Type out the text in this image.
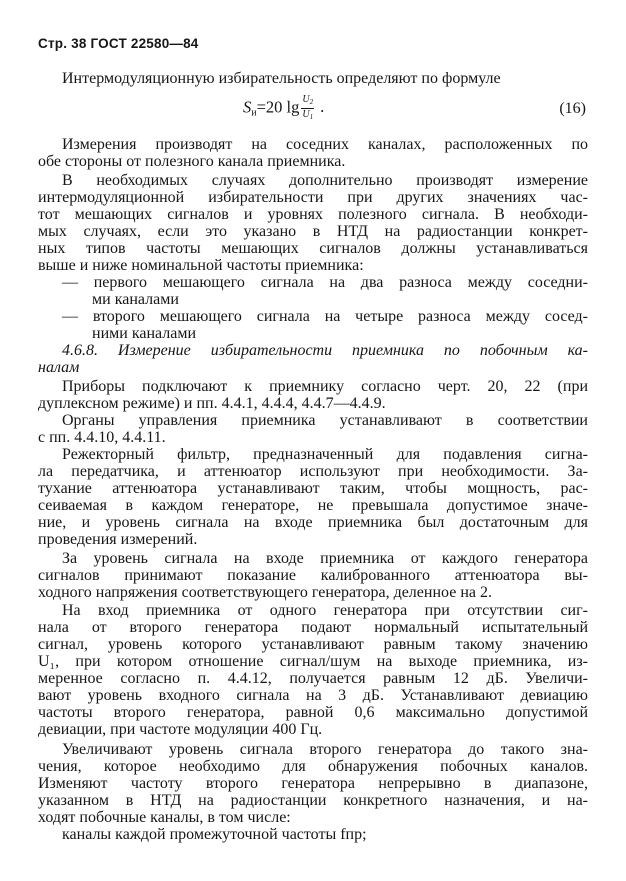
Стр. 38 ГОСТ 22580—84
Интермодуляционную избирательность определяют по формуле
$S_и=20$ $\lg \frac{U_2}{U_1}$ .	(16)
Измерения производят на соседних каналах, расположенных по
обе стороны от полезного канала приемника.
В необходимых случаях дополнительно производят измерение
интермодуляционной избирательности при других значениях час-
тот мешающих сигналов и уровнях полезного сигнала. В необходи-
мых случаях, если это указано в НТД на радиостанции конкрет-
ных типов частоты мешающих сигналов должны устанавливаться
выше и ниже номинальной частоты приемника:
— первого мешающего сигнала на два разноса между соседни-
ми каналами
— второго мешающего сигнала на четыре разноса между сосед-
ними каналами
4.6.8. Измерение избирательности приемника по побочным ка-
налам
Приборы подключают к приемнику согласно черт. 20, 22 (при
дуплексном режиме) и пп. 4.4.1, 4.4.4, 4.4.7—4.4.9.
Органы управления приемника устанавливают в соответствии
с пп. 4.4.10, 4.4.11.
Режекторный фильтр, предназначенный для подавления сигна-
ла передатчика, и аттенюатор используют при необходимости. За-
тухание аттенюатора устанавливают таким, чтобы мощность, рас-
сеиваемая в каждом генераторе, не превышала допустимое значе-
ние, и уровень сигнала на входе приемника был достаточным для
проведения измерений.
За уровень сигнала на входе приемника от каждого генератора
сигналов принимают показание калиброванного аттенюатора вы-
ходного напряжения соответствующего генератора, деленное на 2.
На вход приемника от одного генератора при отсутствии сиг-
нала от второго генератора подают нормальный испытательный
сигнал, уровень которого устанавливают равным такому значению
U₁, при котором отношение сигнал/шум на выходе приемника, из-
меренное согласно п. 4.4.12, получается равным 12 дБ. Увеличи-
вают уровень входного сигнала на 3 дБ. Устанавливают девиацию
частоты второго генератора, равной 0,6 максимально допустимой
девиации, при частоте модуляции 400 Гц.
Увеличивают уровень сигнала второго генератора до такого зна-
чения, которое необходимо для обнаружения побочных каналов.
Изменяют частоту второго генератора непрерывно в диапазоне,
указанном в НТД на радиостанции конкретного назначения, и на-
ходят побочные каналы, в том числе:
каналы каждой промежуточной частоты fпр;
